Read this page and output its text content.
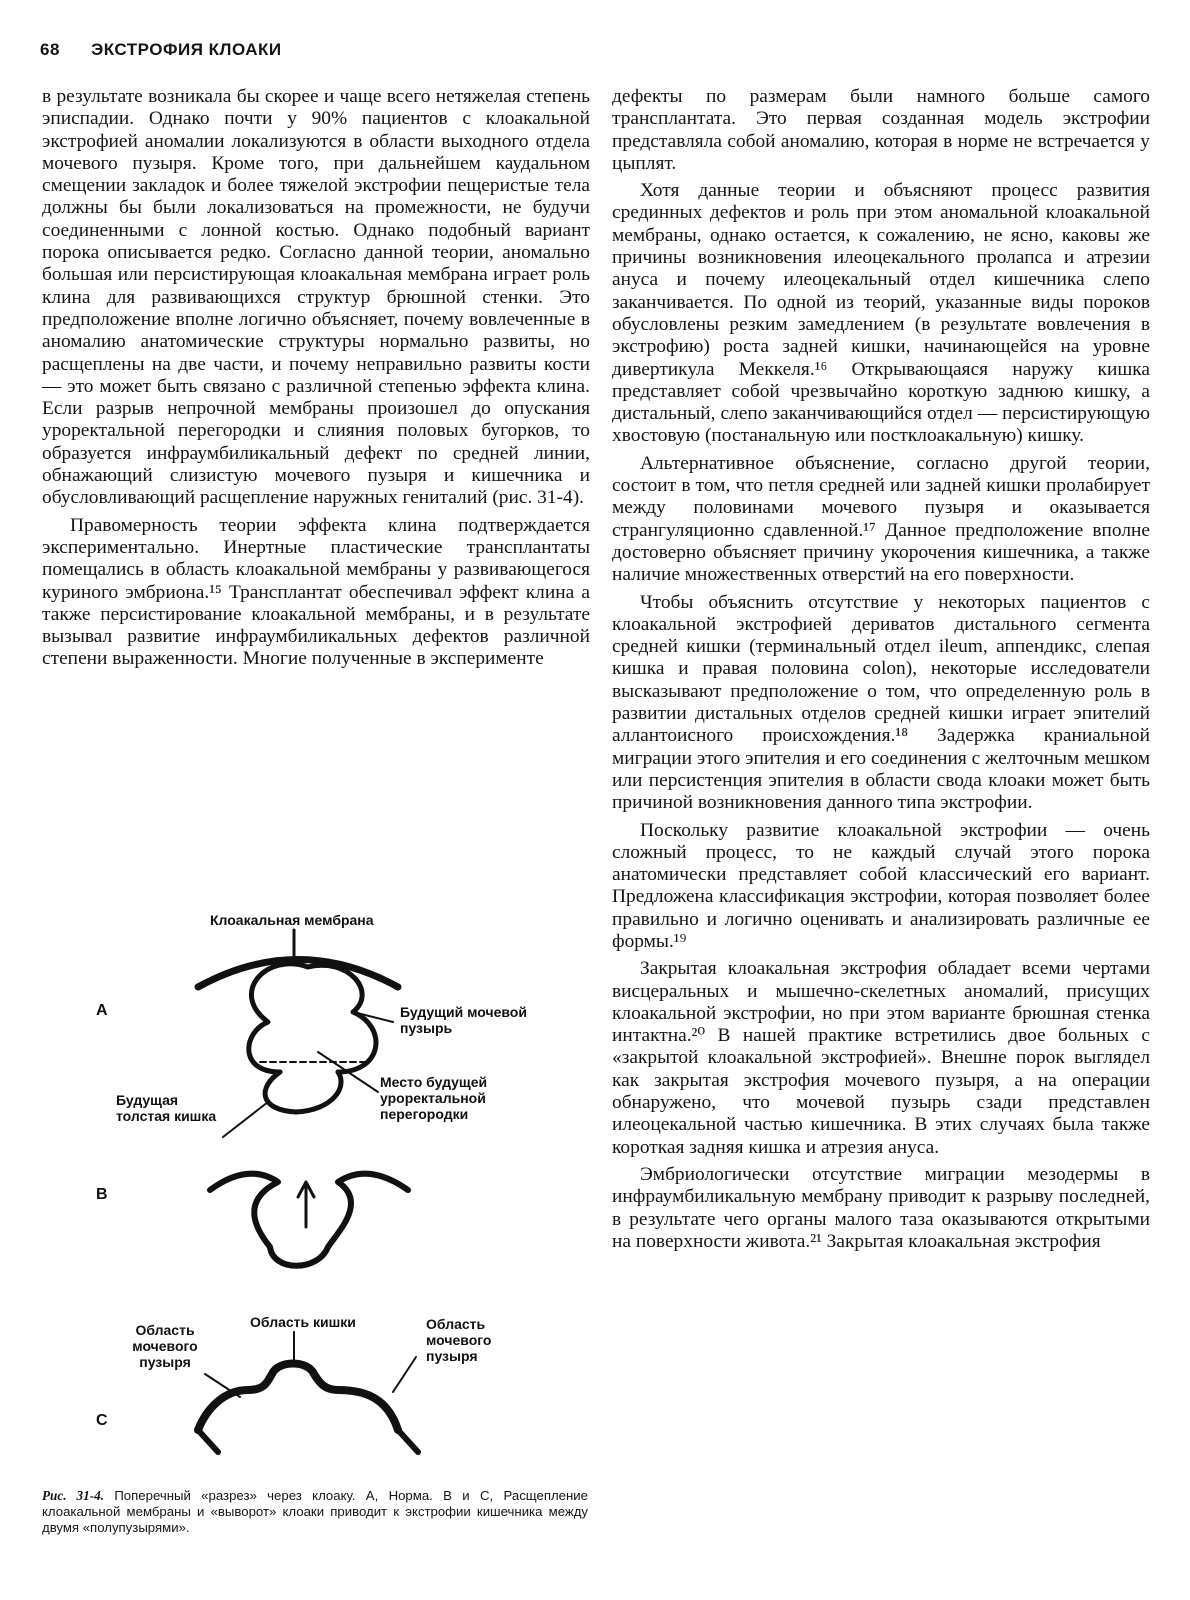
68 ЭКСТРОФИЯ КЛОАКИ

в результате возникала бы скорее и чаще всего нетяжелая степень эписпадии. Однако почти у 90% пациентов с клоакальной экстрофией аномалии локализуются в области выходного отдела мочевого пузыря. Кроме того, при дальнейшем каудальном смещении закладок и более тяжелой экстрофии пещеристые тела должны бы были локализоваться на промежности, не будучи соединенными с лонной костью. Однако подобный вариант порока описывается редко. Согласно данной теории, аномально большая или персистирующая клоакальная мембрана играет роль клина для развивающихся структур брюшной стенки. Это предположение вполне логично объясняет, почему вовлеченные в аномалию анатомические структуры нормально развиты, но расщеплены на две части, и почему неправильно развиты кости — это может быть связано с различной степенью эффекта клина. Если разрыв непрочной мембраны произошел до опускания уроректальной перегородки и слияния половых бугорков, то образуется инфраумбиликальный дефект по средней линии, обнажающий слизистую мочевого пузыря и кишечника и обусловливающий расщепление наружных гениталий (рис. 31-4).

Правомерность теории эффекта клина подтверждается экспериментально. Инертные пластические трансплантаты помещались в область клоакальной мембраны у развивающегося куриного эмбриона.¹⁵ Трансплантат обеспечивал эффект клина а также персистирование клоакальной мембраны, и в результате вызывал развитие инфраумбиликальных дефектов различной степени выраженности. Многие полученные в эксперименте

дефекты по размерам были намного больше самого трансплантата. Это первая созданная модель экстрофии представляла собой аномалию, которая в норме не встречается у цыплят.

Хотя данные теории и объясняют процесс развития срединных дефектов и роль при этом аномальной клоакальной мембраны, однако остается, к сожалению, не ясно, каковы же причины возникновения илеоцекального пролапса и атрезии ануса и почему илеоцекальный отдел кишечника слепо заканчивается. По одной из теорий, указанные виды пороков обусловлены резким замедлением (в результате вовлечения в экстрофию) роста задней кишки, начинающейся на уровне дивертикула Меккеля.¹⁶ Открывающаяся наружу кишка представляет собой чрезвычайно короткую заднюю кишку, а дистальный, слепо заканчивающийся отдел — персистирующую хвостовую (постанальную или постклоакальную) кишку.

Альтернативное объяснение, согласно другой теории, состоит в том, что петля средней или задней кишки пролабирует между половинами мочевого пузыря и оказывается странгуляционно сдавленной.¹⁷ Данное предположение вполне достоверно объясняет причину укорочения кишечника, а также наличие множественных отверстий на его поверхности.

Чтобы объяснить отсутствие у некоторых пациентов с клоакальной экстрофией дериватов дистального сегмента средней кишки (терминальный отдел ileum, аппендикс, слепая кишка и правая половина colon), некоторые исследователи высказывают предположение о том, что определенную роль в развитии дистальных отделов средней кишки играет эпителий аллантоисного происхождения.¹⁸ Задержка краниальной миграции этого эпителия и его соединения с желточным мешком или персистенция эпителия в области свода клоаки может быть причиной возникновения данного типа экстрофии.

Поскольку развитие клоакальной экстрофии — очень сложный процесс, то не каждый случай этого порока анатомически представляет собой классический его вариант. Предложена классификация экстрофии, которая позволяет более правильно и логично оценивать и анализировать различные ее формы.¹⁹

Закрытая клоакальная экстрофия обладает всеми чертами висцеральных и мышечно-скелетных аномалий, присущих клоакальной экстрофии, но при этом варианте брюшная стенка интактна.²⁰ В нашей практике встретились двое больных с «закрытой клоакальной экстрофией». Внешне порок выглядел как закрытая экстрофия мочевого пузыря, а на операции обнаружено, что мочевой пузырь сзади представлен илеоцекальной частью кишечника. В этих случаях была также короткая задняя кишка и атрезия ануса.

Эмбриологически отсутствие миграции мезодермы в инфраумбиликальную мембрану приводит к разрыву последней, в результате чего органы малого таза оказываются открытыми на поверхности живота.²¹ Закрытая клоакальная экстрофия

Клоакальная мембрана
Будущий мочевой пузырь
Место будущей уроректальной перегородки
Будущая толстая кишка
Область кишки
Область мочевого пузыря
Область мочевого пузыря
А
В
С
Рис. 31-4. Поперечный «разрез» через клоаку. А, Норма. В и С, Расщепление клоакальной мембраны и «выворот» клоаки приводит к экстрофии кишечника между двумя «полупузырями».
